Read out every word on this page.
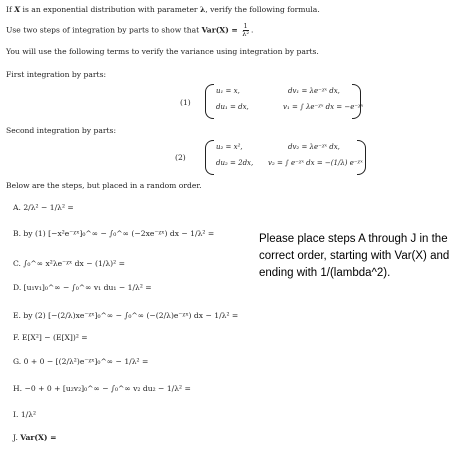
If X is an exponential distribution with parameter λ, verify the following formula.
Use two steps of integration by parts to show that $Var(X) = \frac{1}{\text{λ²}}$ .
You will use the following terms to verify the variance using integration by parts.
First integration by parts:
(1)
u₁ = x,	dv₁ = λe⁻ᵡˣ dx,
du₁ = dx,	v₁ = ∫ λe⁻ᵡˣ dx = −e⁻ᵡˣ
Second integration by parts:
(2)
u₂ = x²,	dv₂ = λe⁻ᵡˣ dx,
du₂ = 2dx, v₂ = ∫ e⁻ᵡˣ dx = −(1/λ) e⁻ᵡˣ
Below are the steps, but placed in a random order.
A. 2/λ² − 1/λ² =
B. by (1) [−x²e⁻ᵡˣ]₀^∞ − ∫₀^∞ (−2xe⁻ᵡˣ) dx − 1/λ² =
C. ∫₀^∞ x²λe⁻ᵡˣ dx − (1/λ)² =
D. [u₁v₁]₀^∞ − ∫₀^∞ v₁ du₁ − 1/λ² =
E. by (2) [−(2/λ)xe⁻ᵡˣ]₀^∞ − ∫₀^∞ (−(2/λ)e⁻ᵡˣ) dx − 1/λ² =
F. E[X²] − (E[X])² =
G. 0 + 0 − [(2/λ²)e⁻ᵡˣ]₀^∞ − 1/λ² =
H. −0 + 0 + [u₂v₂]₀^∞ − ∫₀^∞ v₂ du₂ − 1/λ² =
I. 1/λ²
J. Var(X) =
Please place steps A through J in the correct order, starting with Var(X) and ending with 1/(lambda^2).
